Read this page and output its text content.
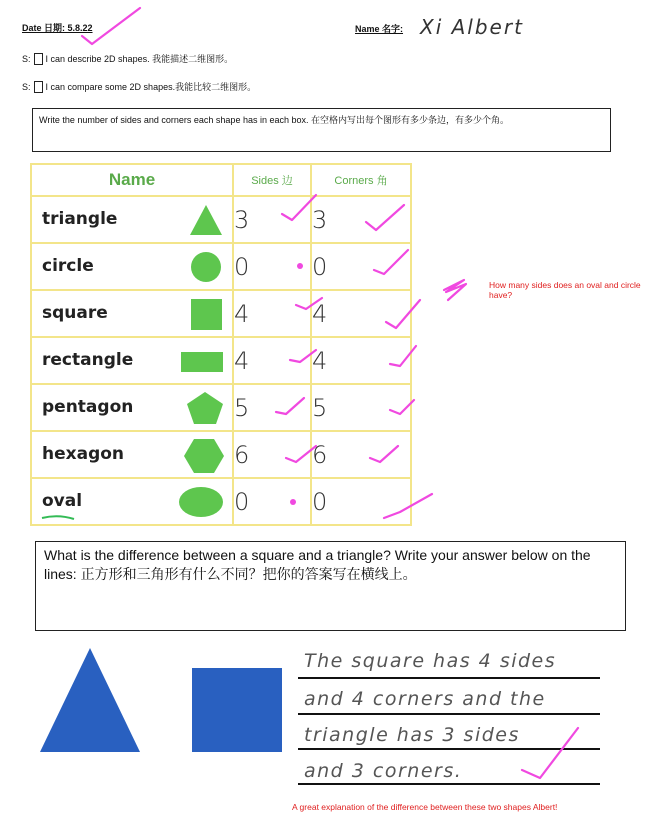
Date 日期: 5.8.22	Name 名字: Xi Albert
S: I can describe 2D shapes. 我能描述二维图形。
S: I can compare some 2D shapes.我能比较二维图形。
Write the number of sides and corners each shape has in each box. 在空格内写出每个图形有多少条边，有多少个角。
Name	Sides 边	Corners 角

triangle	3	3

circle	0	0

square	4	4

rectangle	4	4

pentagon	5	5

hexagon	6	6

oval	0	0
How many sides does an oval and circle have?
What is the difference between a square and a triangle? Write your answer below on the lines: 正方形和三角形有什么不同？把你的答案写在横线上。
The square has 4 sides
and 4 corners and the
triangle has 3 sides
and 3 corners.
A great explanation of the difference between these two shapes Albert!
